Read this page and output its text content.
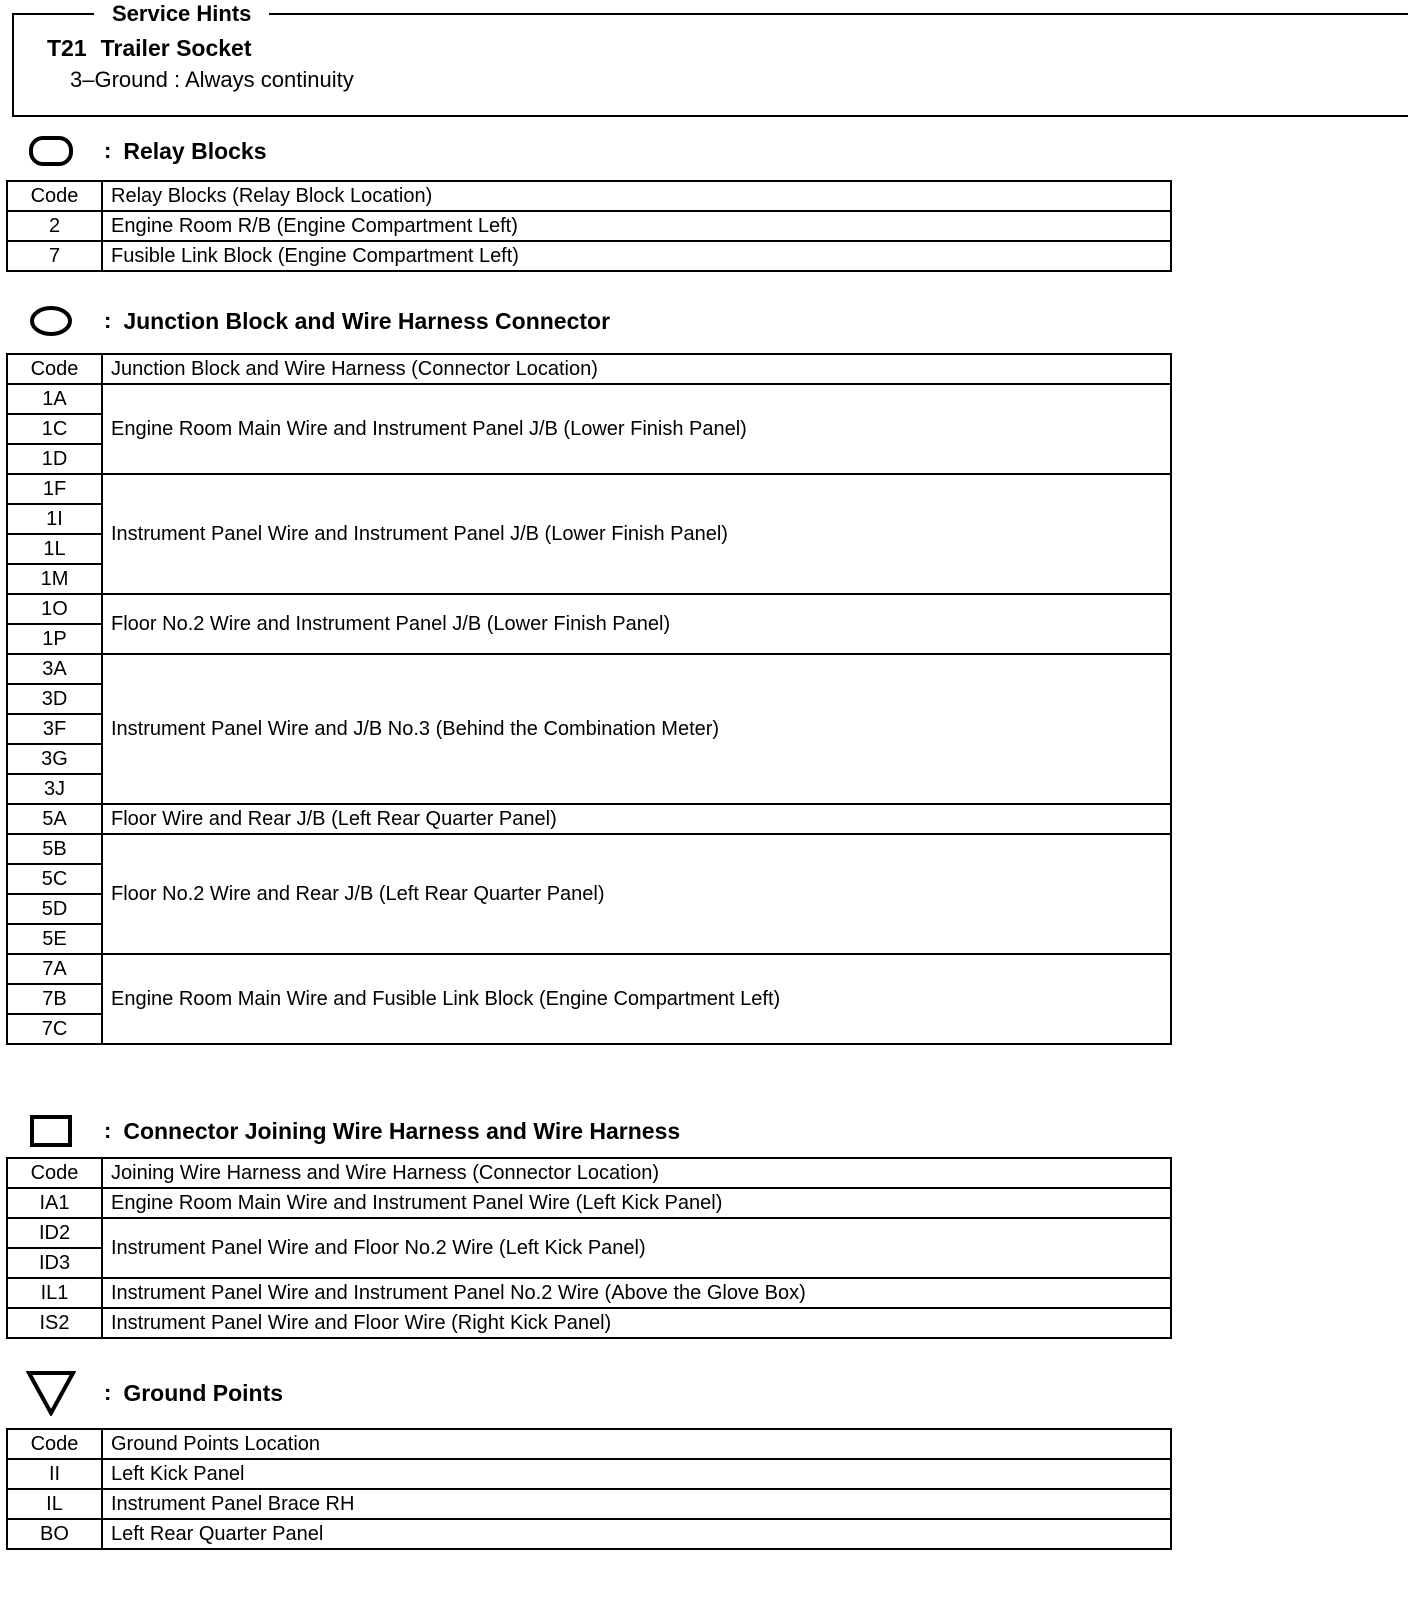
Service Hints
T21 Trailer Socket
3–Ground : Always continuity
: Relay Blocks
Code	Relay Blocks (Relay Block Location)
2	Engine Room R/B (Engine Compartment Left)
7	Fusible Link Block (Engine Compartment Left)
: Junction Block and Wire Harness Connector
Code	Junction Block and Wire Harness (Connector Location)
1A	Engine Room Main Wire and Instrument Panel J/B (Lower Finish Panel)
1C	
1D	
1F	Instrument Panel Wire and Instrument Panel J/B (Lower Finish Panel)
1I	
1L	
1M	
1O	Floor No.2 Wire and Instrument Panel J/B (Lower Finish Panel)
1P	
3A	Instrument Panel Wire and J/B No.3 (Behind the Combination Meter)
3D	
3F	
3G	
3J	
5A	Floor Wire and Rear J/B (Left Rear Quarter Panel)
5B	Floor No.2 Wire and Rear J/B (Left Rear Quarter Panel)
5C	
5D	
5E	
7A	Engine Room Main Wire and Fusible Link Block (Engine Compartment Left)
7B	
7C	
: Connector Joining Wire Harness and Wire Harness
Code	Joining Wire Harness and Wire Harness (Connector Location)
IA1	Engine Room Main Wire and Instrument Panel Wire (Left Kick Panel)
ID2	Instrument Panel Wire and Floor No.2 Wire (Left Kick Panel)
ID3	
IL1	Instrument Panel Wire and Instrument Panel No.2 Wire (Above the Glove Box)
IS2	Instrument Panel Wire and Floor Wire (Right Kick Panel)
: Ground Points
Code	Ground Points Location
II	Left Kick Panel
IL	Instrument Panel Brace RH
BO	Left Rear Quarter Panel
